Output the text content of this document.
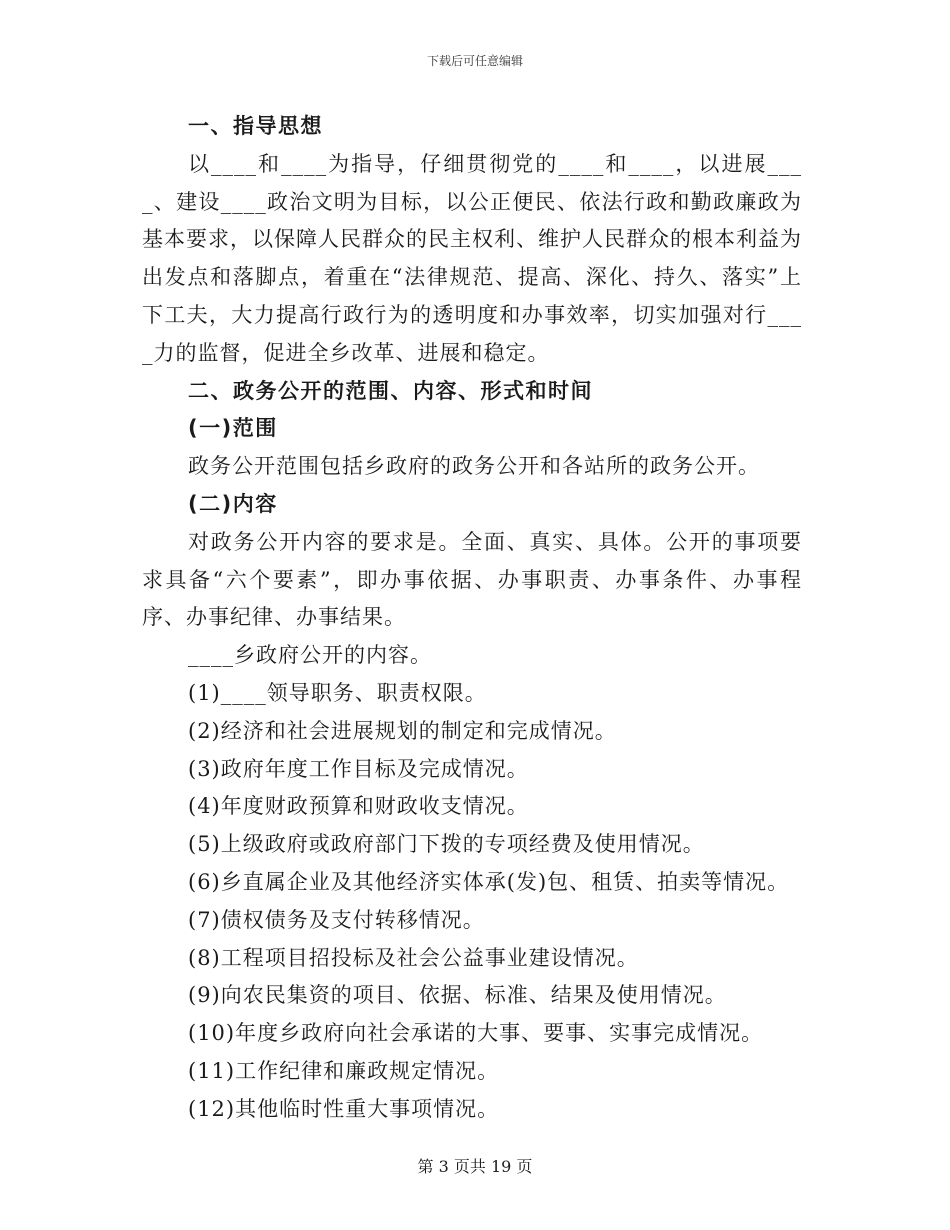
下载后可任意编辑

一、指导思想

以____和____为指导，仔细贯彻党的____和____，以进展____、建设____政治文明为目标，以公正便民、依法行政和勤政廉政为基本要求，以保障人民群众的民主权利、维护人民群众的根本利益为出发点和落脚点，着重在“法律规范、提高、深化、持久、落实”上下工夫，大力提高行政行为的透明度和办事效率，切实加强对行____力的监督，促进全乡改革、进展和稳定。

二、政务公开的范围、内容、形式和时间

(一)范围

政务公开范围包括乡政府的政务公开和各站所的政务公开。

(二)内容

对政务公开内容的要求是。全面、真实、具体。公开的事项要求具备“六个要素”，即办事依据、办事职责、办事条件、办事程序、办事纪律、办事结果。

____乡政府公开的内容。

(1)____领导职务、职责权限。

(2)经济和社会进展规划的制定和完成情况。

(3)政府年度工作目标及完成情况。

(4)年度财政预算和财政收支情况。

(5)上级政府或政府部门下拨的专项经费及使用情况。

(6)乡直属企业及其他经济实体承(发)包、租赁、拍卖等情况。

(7)债权债务及支付转移情况。

(8)工程项目招投标及社会公益事业建设情况。

(9)向农民集资的项目、依据、标准、结果及使用情况。

(10)年度乡政府向社会承诺的大事、要事、实事完成情况。

(11)工作纪律和廉政规定情况。

(12)其他临时性重大事项情况。

第 3 页共 19 页
